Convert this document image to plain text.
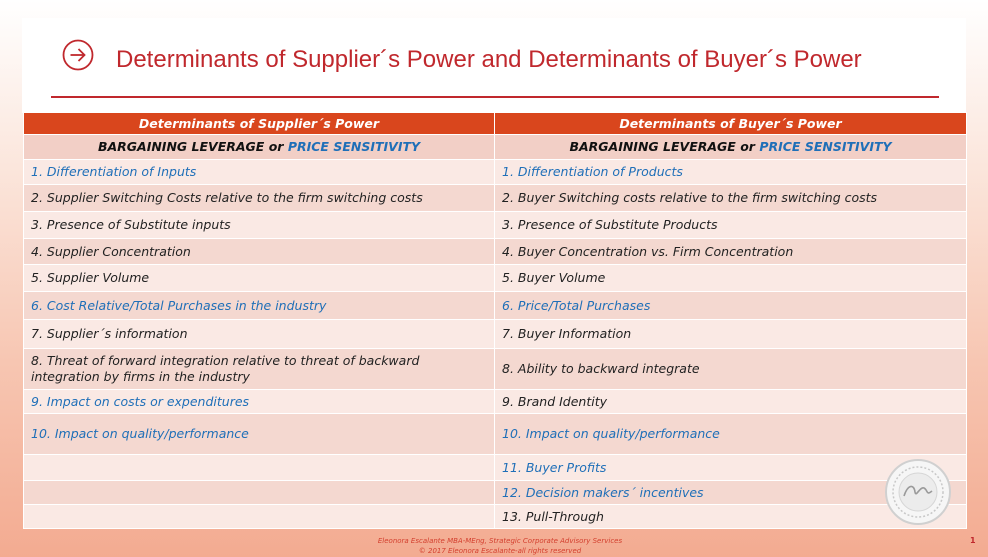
Determinants of Supplier´s Power and Determinants of Buyer´s Power
Determinants of Supplier´s Power	Determinants of Buyer´s Power
BARGAINING LEVERAGE or PRICE SENSITIVITY	BARGAINING LEVERAGE or PRICE SENSITIVITY
1. Differentiation of Inputs	1. Differentiation of Products
2. Supplier Switching Costs relative to the firm switching costs	2. Buyer Switching costs relative to the firm switching costs
3. Presence of Substitute inputs	3. Presence of Substitute Products
4. Supplier Concentration	4. Buyer Concentration vs. Firm Concentration
5. Supplier Volume	5. Buyer Volume
6. Cost Relative/Total Purchases in the industry	6. Price/Total Purchases
7. Supplier´s information	7. Buyer Information
8. Threat of forward integration relative to threat of backward integration by firms in the industry	8. Ability to backward integrate
9. Impact on costs or expenditures	9. Brand Identity
10. Impact on quality/performance	10. Impact on quality/performance
	11. Buyer Profits
	12. Decision makers´ incentives
	13. Pull-Through
Eleonora Escalante MBA-MEng, Strategic Corporate Advisory Services
© 2017 Eleonora Escalante-all rights reserved
1
